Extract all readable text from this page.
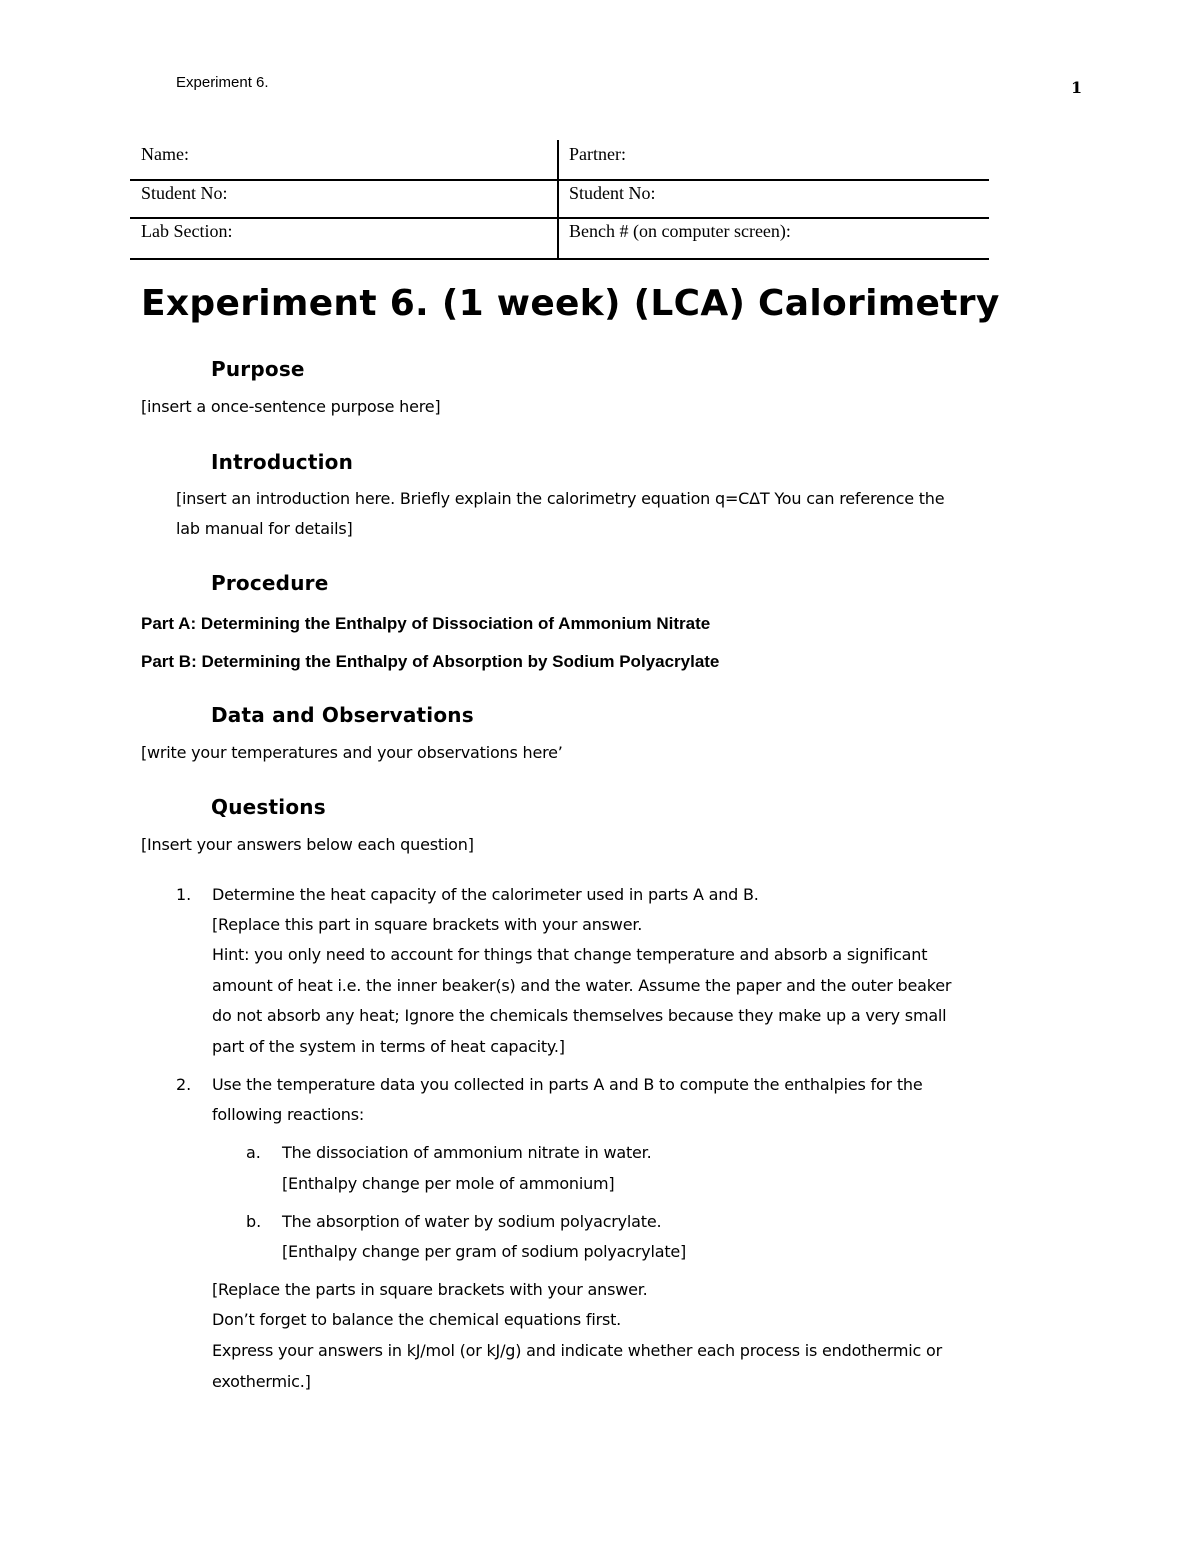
Experiment 6.	1
Name:	Partner:
Student No:	Student No:
Lab Section:	Bench # (on computer screen):
Experiment 6. (1 week) (LCA) Calorimetry
Purpose
[insert a once-sentence purpose here]
Introduction
[insert an introduction here. Briefly explain the calorimetry equation q=CΔT You can reference the
lab manual for details]
Procedure
Part A: Determining the Enthalpy of Dissociation of Ammonium Nitrate
Part B: Determining the Enthalpy of Absorption by Sodium Polyacrylate
Data and Observations
[write your temperatures and your observations here’
Questions
[Insert your answers below each question]
1. Determine the heat capacity of the calorimeter used in parts A and B.
[Replace this part in square brackets with your answer.
Hint: you only need to account for things that change temperature and absorb a significant
amount of heat i.e. the inner beaker(s) and the water. Assume the paper and the outer beaker
do not absorb any heat; Ignore the chemicals themselves because they make up a very small
part of the system in terms of heat capacity.]
2. Use the temperature data you collected in parts A and B to compute the enthalpies for the
following reactions:
a. The dissociation of ammonium nitrate in water.
[Enthalpy change per mole of ammonium]
b. The absorption of water by sodium polyacrylate.
[Enthalpy change per gram of sodium polyacrylate]
[Replace the parts in square brackets with your answer.
Don’t forget to balance the chemical equations first.
Express your answers in kJ/mol (or kJ/g) and indicate whether each process is endothermic or
exothermic.]
